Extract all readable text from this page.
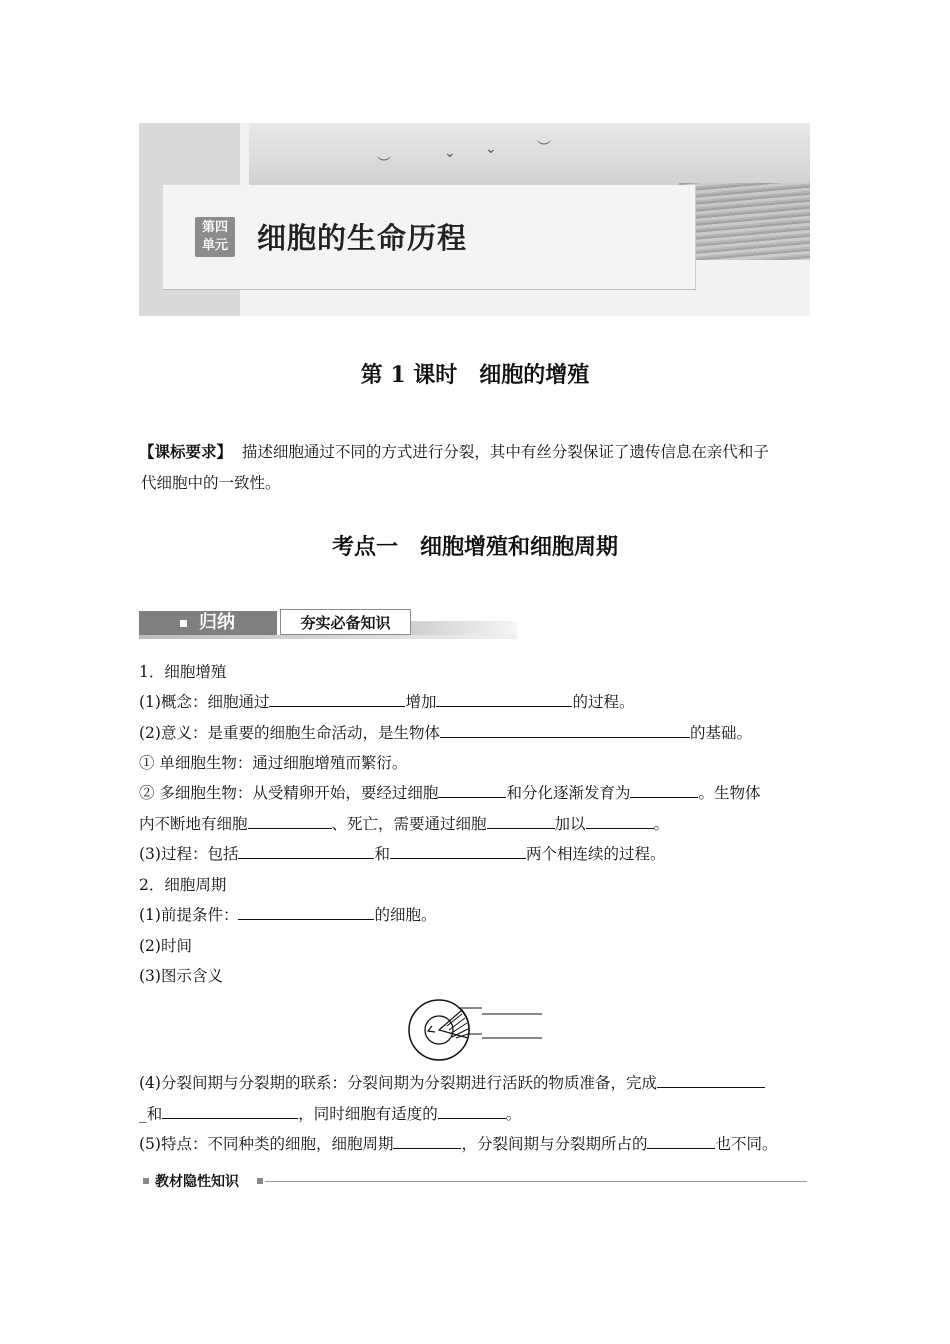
︶
⌄ ⌄	︶
第四
单元 细胞的生命历程
第 1 课时　细胞的增殖
【课标要求】 描述细胞通过不同的方式进行分裂，其中有丝分裂保证了遗传信息在亲代和子
代细胞中的一致性。
考点一　细胞增殖和细胞周期
归纳	夯实必备知识
1．细胞增殖
(1)概念：细胞通过	增加	的过程。
(2)意义：是重要的细胞生命活动，是生物体	的基础。
① 单细胞生物：通过细胞增殖而繁衍。
② 多细胞生物：从受精卵开始，要经过细胞	和分化逐渐发育为	。生物体
内不断地有细胞	、死亡，需要通过细胞	加以	。
(3)过程：包括	和	两个相连续的过程。
2．细胞周期
(1)前提条件：	的细胞。
(2)时间
(3)图示含义
(4)分裂间期与分裂期的联系：分裂间期为分裂期进行活跃的物质准备，完成
_和	，同时细胞有适度的	。
(5)特点：不同种类的细胞，细胞周期	，分裂间期与分裂期所占的	也不同。
教材隐性知识
